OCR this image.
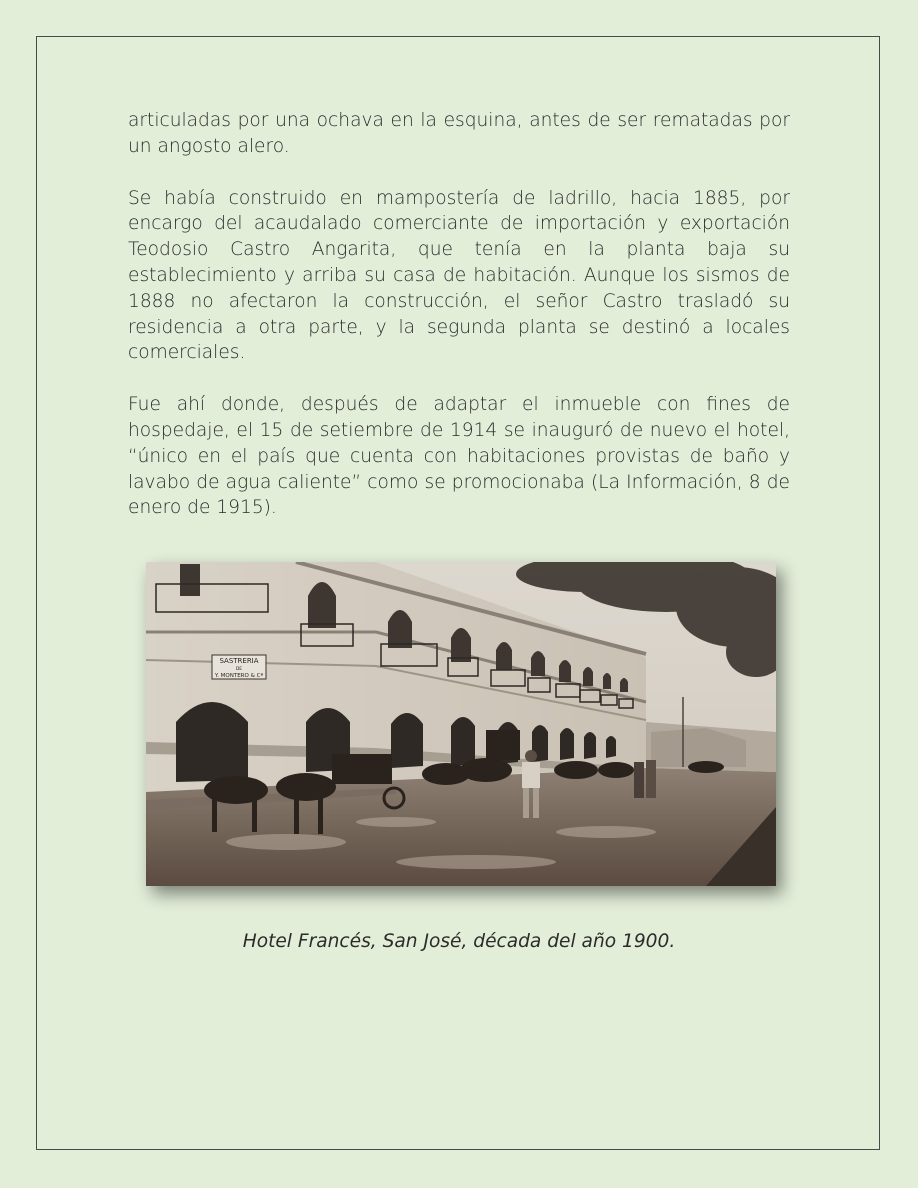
articuladas por una ochava en la esquina, antes de ser rematadas por un angosto alero.

Se había construido en mampostería de ladrillo, hacia 1885, por encargo del acaudalado comerciante de importación y exportación Teodosio Castro Angarita, que tenía en la planta baja su establecimiento y arriba su casa de habitación. Aunque los sismos de 1888 no afectaron la construcción, el señor Castro trasladó su residencia a otra parte, y la segunda planta se destinó a locales comerciales.

Fue ahí donde, después de adaptar el inmueble con fines de hospedaje, el 15 de setiembre de 1914 se inauguró de nuevo el hotel, “único en el país que cuenta con habitaciones provistas de baño y lavabo de agua caliente” como se promocionaba (La Información, 8 de enero de 1915).

SASTRERIA
DE
Y. MONTERO & Cª
Hotel Francés, San José, década del año 1900.
